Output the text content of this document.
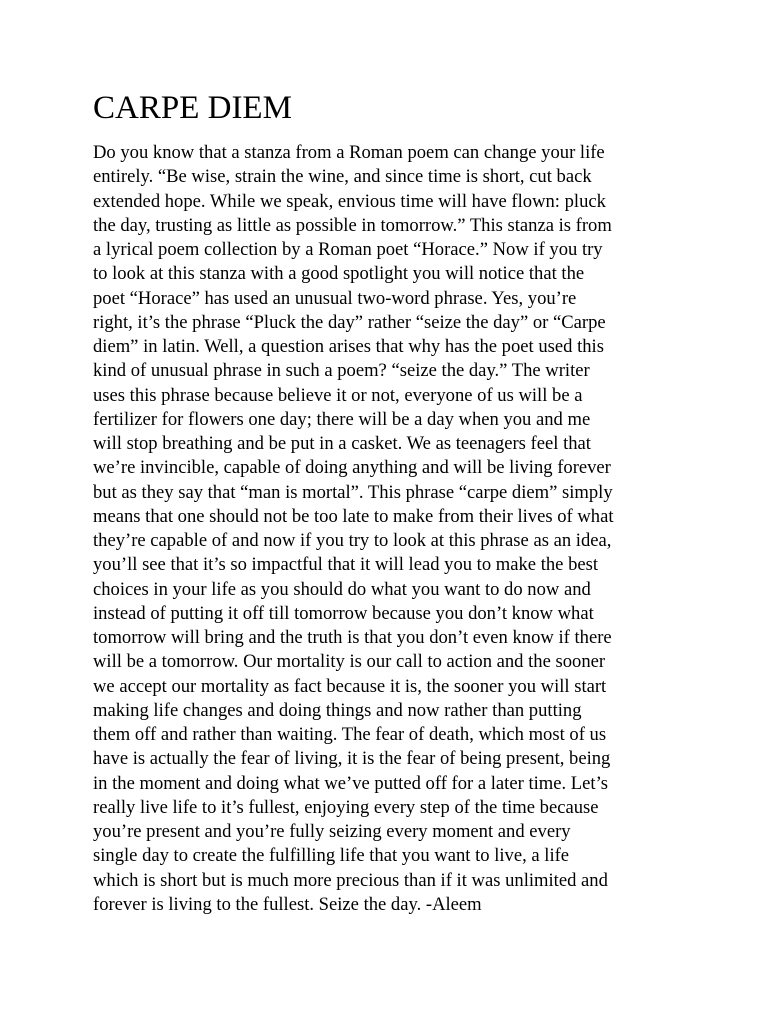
CARPE DIEM
Do you know that a stanza from a Roman poem can change your life
entirely. “Be wise, strain the wine, and since time is short, cut back
extended hope. While we speak, envious time will have flown: pluck
the day, trusting as little as possible in tomorrow.” This stanza is from
a lyrical poem collection by a Roman poet “Horace.” Now if you try
to look at this stanza with a good spotlight you will notice that the
poet “Horace” has used an unusual two-word phrase. Yes, you’re
right, it’s the phrase “Pluck the day” rather “seize the day” or “Carpe
diem” in latin. Well, a question arises that why has the poet used this
kind of unusual phrase in such a poem? “seize the day.” The writer
uses this phrase because believe it or not, everyone of us will be a
fertilizer for flowers one day; there will be a day when you and me
will stop breathing and be put in a casket. We as teenagers feel that
we’re invincible, capable of doing anything and will be living forever
but as they say that “man is mortal”. This phrase “carpe diem” simply
means that one should not be too late to make from their lives of what
they’re capable of and now if you try to look at this phrase as an idea,
you’ll see that it’s so impactful that it will lead you to make the best
choices in your life as you should do what you want to do now and
instead of putting it off till tomorrow because you don’t know what
tomorrow will bring and the truth is that you don’t even know if there
will be a tomorrow. Our mortality is our call to action and the sooner
we accept our mortality as fact because it is, the sooner you will start
making life changes and doing things and now rather than putting
them off and rather than waiting. The fear of death, which most of us
have is actually the fear of living, it is the fear of being present, being
in the moment and doing what we’ve putted off for a later time. Let’s
really live life to it’s fullest, enjoying every step of the time because
you’re present and you’re fully seizing every moment and every
single day to create the fulfilling life that you want to live, a life
which is short but is much more precious than if it was unlimited and
forever is living to the fullest. Seize the day. -Aleem
